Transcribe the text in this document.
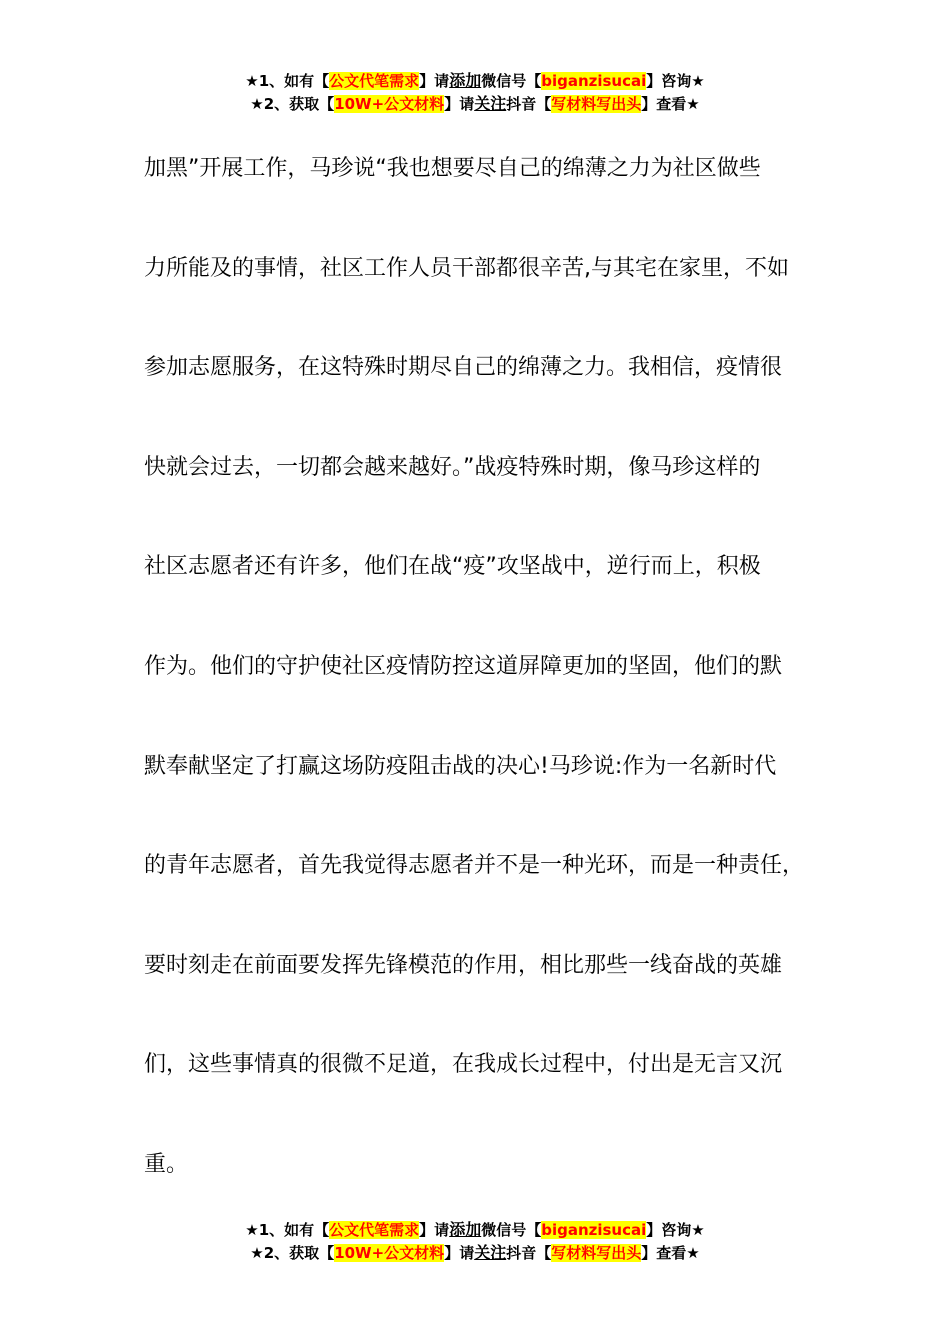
★1、如有【公文代笔需求】请添加微信号【biganzisucai】咨询★
★2、获取【10W+公文材料】请关注抖音【写材料写出头】查看★
加黑”开展工作，马珍说“我也想要尽自己的绵薄之力为社区做些
力所能及的事情，社区工作人员干部都很辛苦,与其宅在家里，不如
参加志愿服务，在这特殊时期尽自己的绵薄之力。我相信，疫情很
快就会过去，一切都会越来越好。”战疫特殊时期，像马珍这样的
社区志愿者还有许多，他们在战“疫”攻坚战中，逆行而上，积极
作为。他们的守护使社区疫情防控这道屏障更加的坚固，他们的默
默奉献坚定了打赢这场防疫阻击战的决心!马珍说:作为一名新时代
的青年志愿者，首先我觉得志愿者并不是一种光环，而是一种责任，
要时刻走在前面要发挥先锋模范的作用，相比那些一线奋战的英雄
们，这些事情真的很微不足道，在我成长过程中，付出是无言又沉
重。
★1、如有【公文代笔需求】请添加微信号【biganzisucai】咨询★
★2、获取【10W+公文材料】请关注抖音【写材料写出头】查看★
